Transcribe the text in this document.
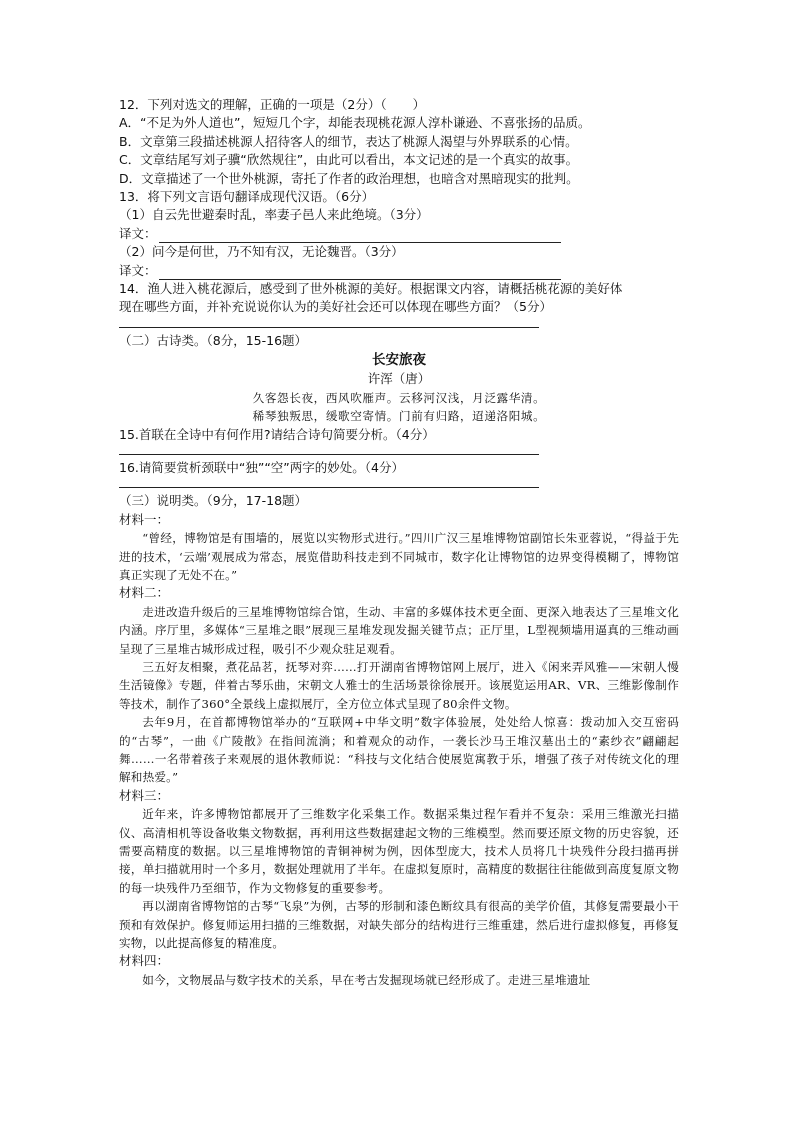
12．下列对选文的理解，正确的一项是（2分）（ ）
A．“不足为外人道也”，短短几个字，却能表现桃花源人淳朴谦逊、不喜张扬的品质。
B．文章第三段描述桃源人招待客人的细节，表达了桃源人渴望与外界联系的心情。
C．文章结尾写刘子骥“欣然规往”，由此可以看出，本文记述的是一个真实的故事。
D．文章描述了一个世外桃源，寄托了作者的政治理想，也暗含对黑暗现实的批判。
13．将下列文言语句翻译成现代汉语。（6分）
（1）自云先世避秦时乱，率妻子邑人来此绝境。（3分）
译文：
（2）问今是何世，乃不知有汉，无论魏晋。（3分）
译文：
14．渔人进入桃花源后，感受到了世外桃源的美好。根据课文内容，请概括桃花源的美好体
现在哪些方面，并补充说说你认为的美好社会还可以体现在哪些方面？（5分）
（二）古诗类。（8分，15-16题）
长安旅夜
许浑（唐）
久客怨长夜，西风吹雁声。云移河汉浅，月泛露华清。
稀琴独叛思，缓歌空寄情。门前有归路，迢递洛阳城。
15.首联在全诗中有何作用?请结合诗句简要分析。（4分）
16.请简要赏析颈联中“独”“空”两字的妙处。（4分）
（三）说明类。（9分，17-18题）
材料一：
“曾经，博物馆是有围墙的，展览以实物形式进行。”四川广汉三星堆博物馆副馆长朱亚蓉说，“得益于先进的技术，‘云端’观展成为常态，展览借助科技走到不同城市，数字化让博物馆的边界变得模糊了，博物馆真正实现了无处不在。”
材料二：
走进改造升级后的三星堆博物馆综合馆，生动、丰富的多媒体技术更全面、更深入地表达了三星堆文化内涵。序厅里，多媒体“三星堆之眼”展现三星堆发现发掘关键节点；正厅里，L型视频墙用逼真的三维动画呈现了三星堆古城形成过程，吸引不少观众驻足观看。
三五好友相聚，煮花品茗，抚琴对弈……打开湖南省博物馆网上展厅，进入《闲来弄风雅——宋朝人慢生活镜像》专题，伴着古琴乐曲，宋朝文人雅士的生活场景徐徐展开。该展览运用AR、VR、三维影像制作等技术，制作了360°全景线上虚拟展厅，全方位立体式呈现了80余件文物。
去年9月，在首都博物馆举办的“互联网+中华文明”数字体验展，处处给人惊喜：拨动加入交互密码的“古琴”，一曲《广陵散》在指间流淌；和着观众的动作，一袭长沙马王堆汉墓出土的“素纱衣”翩翩起舞……一名带着孩子来观展的退休教师说：“科技与文化结合使展览寓教于乐，增强了孩子对传统文化的理解和热爱。”
材料三：
近年来，许多博物馆都展开了三维数字化采集工作。数据采集过程乍看并不复杂：采用三维激光扫描仪、高清相机等设备收集文物数据，再利用这些数据建起文物的三维模型。然而要还原文物的历史容貌，还需要高精度的数据。以三星堆博物馆的青铜神树为例，因体型庞大，技术人员将几十块残件分段扫描再拼接，单扫描就用时一个多月，数据处理就用了半年。在虚拟复原时，高精度的数据往往能做到高度复原文物的每一块残件乃至细节，作为文物修复的重要参考。
再以湖南省博物馆的古琴“飞泉”为例，古琴的形制和漆色断纹具有很高的美学价值，其修复需要最小干预和有效保护。修复师运用扫描的三维数据，对缺失部分的结构进行三维重建，然后进行虚拟修复，再修复实物，以此提高修复的精准度。
材料四：
如今，文物展品与数字技术的关系，早在考古发掘现场就已经形成了。走进三星堆遗址
